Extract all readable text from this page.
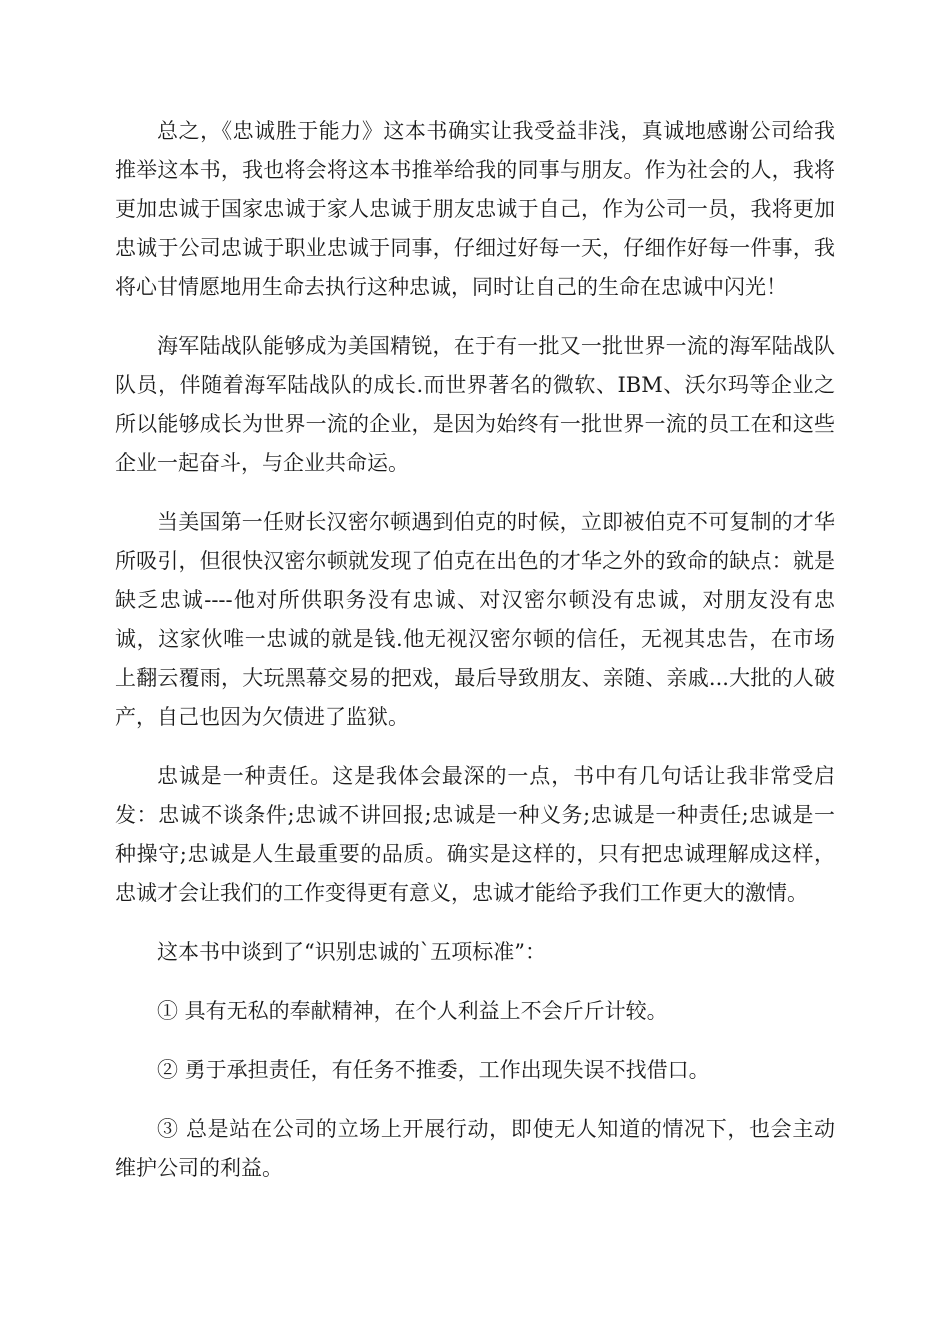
总之，《忠诚胜于能力》这本书确实让我受益非浅，真诚地感谢公司给我推举这本书，我也将会将这本书推举给我的同事与朋友。作为社会的人，我将更加忠诚于国家忠诚于家人忠诚于朋友忠诚于自己，作为公司一员，我将更加忠诚于公司忠诚于职业忠诚于同事，仔细过好每一天，仔细作好每一件事，我将心甘情愿地用生命去执行这种忠诚，同时让自己的生命在忠诚中闪光！

海军陆战队能够成为美国精锐，在于有一批又一批世界一流的海军陆战队队员，伴随着海军陆战队的成长.而世界著名的微软、IBM、沃尔玛等企业之所以能够成长为世界一流的企业，是因为始终有一批世界一流的员工在和这些企业一起奋斗，与企业共命运。

当美国第一任财长汉密尔顿遇到伯克的时候，立即被伯克不可复制的才华所吸引，但很快汉密尔顿就发现了伯克在出色的才华之外的致命的缺点：就是缺乏忠诚----他对所供职务没有忠诚、对汉密尔顿没有忠诚，对朋友没有忠诚，这家伙唯一忠诚的就是钱.他无视汉密尔顿的信任，无视其忠告，在市场上翻云覆雨，大玩黑幕交易的把戏，最后导致朋友、亲随、亲戚...大批的人破产，自己也因为欠债进了监狱。

忠诚是一种责任。这是我体会最深的一点，书中有几句话让我非常受启发：忠诚不谈条件;忠诚不讲回报;忠诚是一种义务;忠诚是一种责任;忠诚是一种操守;忠诚是人生最重要的品质。确实是这样的，只有把忠诚理解成这样，忠诚才会让我们的工作变得更有意义，忠诚才能给予我们工作更大的激情。

这本书中谈到了“识别忠诚的`五项标准”：

① 具有无私的奉献精神，在个人利益上不会斤斤计较。

② 勇于承担责任，有任务不推委，工作出现失误不找借口。

③ 总是站在公司的立场上开展行动，即使无人知道的情况下，也会主动维护公司的利益。
